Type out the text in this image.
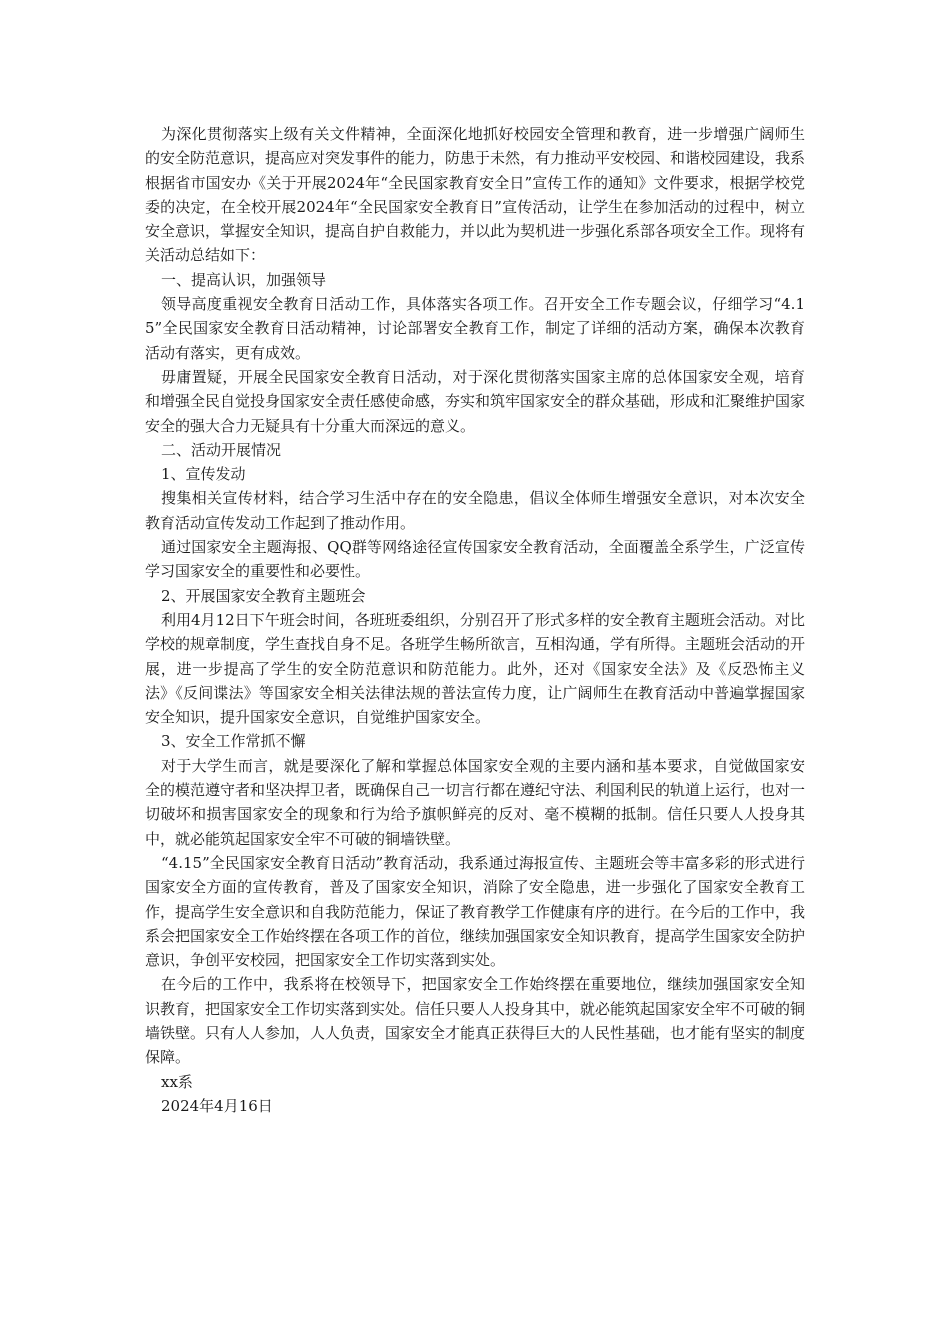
为深化贯彻落实上级有关文件精神，全面深化地抓好校园安全管理和教育，进一步增强广阔师生的安全防范意识，提高应对突发事件的能力，防患于未然，有力推动平安校园、和谐校园建设，我系根据省市国安办《关于开展2024年“全民国家教育安全日”宣传工作的通知》文件要求，根据学校党委的决定，在全校开展2024年“全民国家安全教育日”宣传活动，让学生在参加活动的过程中，树立安全意识，掌握安全知识，提高自护自救能力，并以此为契机进一步强化系部各项安全工作。现将有关活动总结如下：

一、提高认识，加强领导

领导高度重视安全教育日活动工作，具体落实各项工作。召开安全工作专题会议，仔细学习“4.15”全民国家安全教育日活动精神，讨论部署安全教育工作，制定了详细的活动方案，确保本次教育活动有落实，更有成效。

毋庸置疑，开展全民国家安全教育日活动，对于深化贯彻落实国家主席的总体国家安全观，培育和增强全民自觉投身国家安全责任感使命感，夯实和筑牢国家安全的群众基础，形成和汇聚维护国家安全的强大合力无疑具有十分重大而深远的意义。

二、活动开展情况

1、宣传发动

搜集相关宣传材料，结合学习生活中存在的安全隐患，倡议全体师生增强安全意识，对本次安全教育活动宣传发动工作起到了推动作用。

通过国家安全主题海报、QQ群等网络途径宣传国家安全教育活动，全面覆盖全系学生，广泛宣传学习国家安全的重要性和必要性。

2、开展国家安全教育主题班会

利用4月12日下午班会时间，各班班委组织，分别召开了形式多样的安全教育主题班会活动。对比学校的规章制度，学生查找自身不足。各班学生畅所欲言，互相沟通，学有所得。主题班会活动的开展，进一步提高了学生的安全防范意识和防范能力。此外，还对《国家安全法》及《反恐怖主义法》《反间谍法》等国家安全相关法律法规的普法宣传力度，让广阔师生在教育活动中普遍掌握国家安全知识，提升国家安全意识，自觉维护国家安全。

3、安全工作常抓不懈

对于大学生而言，就是要深化了解和掌握总体国家安全观的主要内涵和基本要求，自觉做国家安全的模范遵守者和坚决捍卫者，既确保自己一切言行都在遵纪守法、利国利民的轨道上运行，也对一切破坏和损害国家安全的现象和行为给予旗帜鲜亮的反对、毫不模糊的抵制。信任只要人人投身其中，就必能筑起国家安全牢不可破的铜墙铁壁。

“4.15”全民国家安全教育日活动”教育活动，我系通过海报宣传、主题班会等丰富多彩的形式进行国家安全方面的宣传教育，普及了国家安全知识，消除了安全隐患，进一步强化了国家安全教育工作，提高学生安全意识和自我防范能力，保证了教育教学工作健康有序的进行。在今后的工作中，我系会把国家安全工作始终摆在各项工作的首位，继续加强国家安全知识教育，提高学生国家安全防护意识，争创平安校园，把国家安全工作切实落到实处。

在今后的工作中，我系将在校领导下，把国家安全工作始终摆在重要地位，继续加强国家安全知识教育，把国家安全工作切实落到实处。信任只要人人投身其中，就必能筑起国家安全牢不可破的铜墙铁壁。只有人人参加，人人负责，国家安全才能真正获得巨大的人民性基础，也才能有坚实的制度保障。

xx系

2024年4月16日
